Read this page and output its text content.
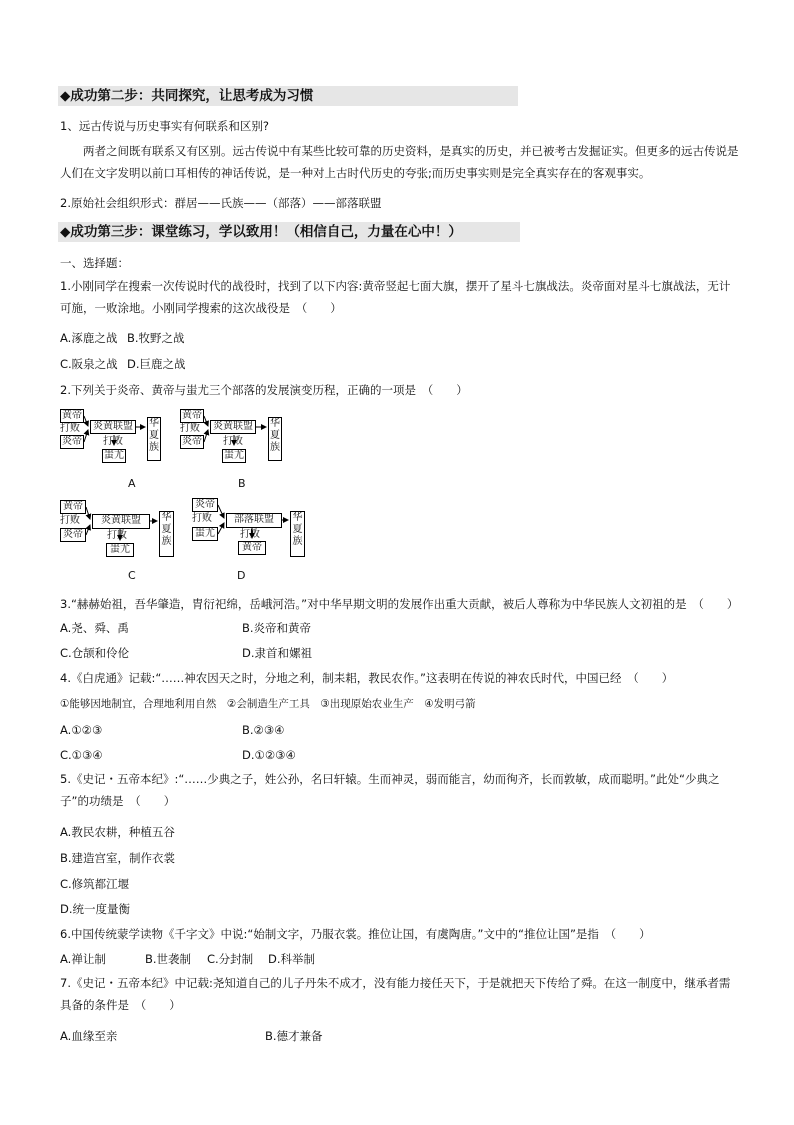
◆成功第二步：共同探究，让思考成为习惯
1、远古传说与历史事实有何联系和区别?
两者之间既有联系又有区别。远古传说中有某些比较可靠的历史资料，是真实的历史，并已被考古发掘证实。但更多的远古传说是人们在文字发明以前口耳相传的神话传说，是一种对上古时代历史的夸张;而历史事实则是完全真实存在的客观事实。
2.原始社会组织形式：群居——氏族——（部落）——部落联盟
◆成功第三步：课堂练习，学以致用！（相信自己，力量在心中！）
一、选择题：
1.小刚同学在搜索一次传说时代的战役时，找到了以下内容:黄帝竖起七面大旗，摆开了星斗七旗战法。炎帝面对星斗七旗战法，无计可施，一败涂地。小刚同学搜索的这次战役是　（　　）
A.涿鹿之战 B.牧野之战
C.阪泉之战 D.巨鹿之战
2.下列关于炎帝、黄帝与蚩尤三个部落的发展演变历程，正确的一项是　（　　）
黄帝
打败
炎帝
炎黄联盟
打败
蚩尤
华夏族
A
黄帝
打败
炎帝
炎黄联盟
打败
蚩尤
华夏族
B
黄帝
打败
炎帝
炎黄联盟
打败
蚩尤
华夏族
C
炎帝
打败
蚩尤
部落联盟
打败
黄帝
华夏族
D
3.“赫赫始祖，吾华肇造，胄衍祀绵，岳峨河浩。”对中华早期文明的发展作出重大贡献，被后人尊称为中华民族人文初祖的是　（　　）
A.尧、舜、禹	B.炎帝和黄帝
C.仓颉和伶伦	D.隶首和嫘祖
4.《白虎通》记载:“……神农因天之时，分地之利，制耒耜，教民农作。”这表明在传说的神农氏时代，中国已经　（　　）
①能够因地制宜，合理地利用自然　②会制造生产工具　③出现原始农业生产　④发明弓箭
A.①②③	B.②③④
C.①③④	D.①②③④
5.《史记・五帝本纪》:“……少典之子，姓公孙，名曰轩辕。生而神灵，弱而能言，幼而徇齐，长而敦敏，成而聪明。”此处“少典之子”的功绩是　（　　）
A.教民农耕，种植五谷
B.建造宫室，制作衣裳
C.修筑都江堰
D.统一度量衡
6.中国传统蒙学读物《千字文》中说:“始制文字，乃服衣裳。推位让国，有虞陶唐。”文中的“推位让国”是指　（　　）
A.禅让制	B.世袭制 C.分封制 D.科举制
7.《史记・五帝本纪》中记载:尧知道自己的儿子丹朱不成才，没有能力接任天下，于是就把天下传给了舜。在这一制度中，继承者需具备的条件是　（　　）
A.血缘至亲	B.德才兼备
